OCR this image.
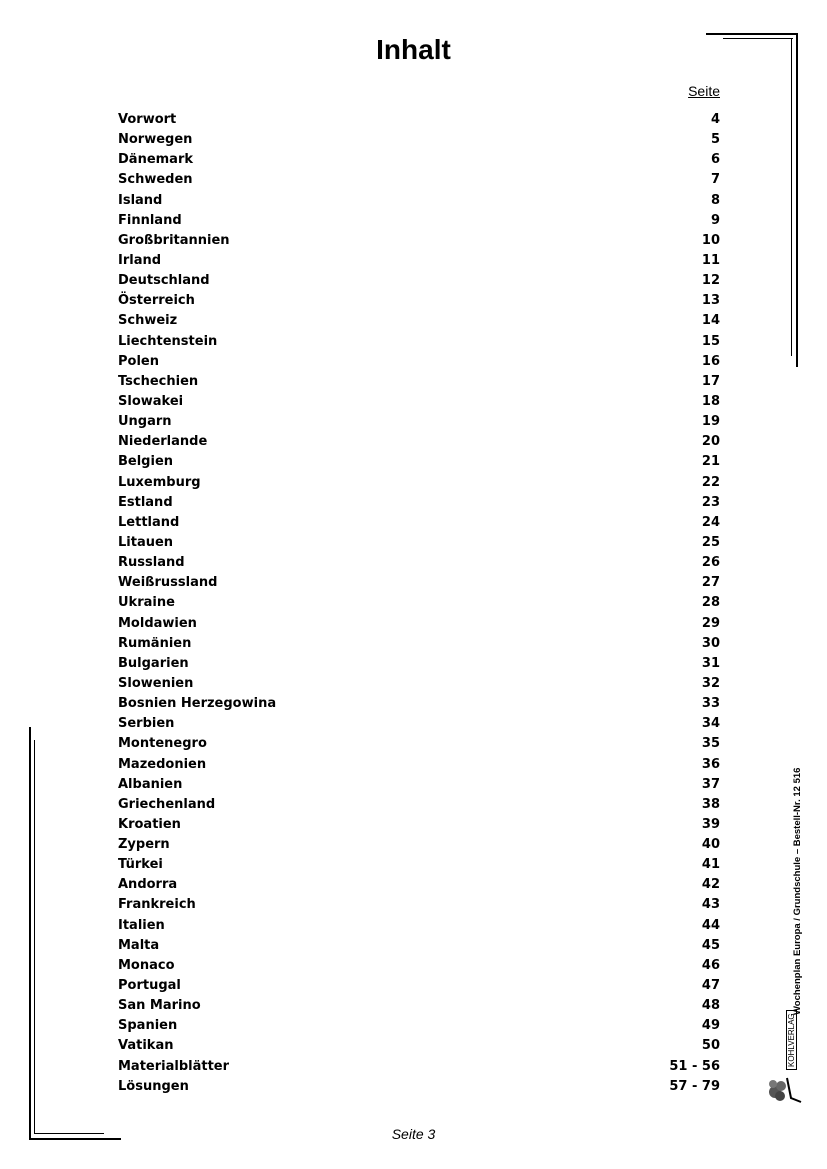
Inhalt
Seite
Vorwort	4
Norwegen	5
Dänemark	6
Schweden	7
Island	8
Finnland	9
Großbritannien	10
Irland	11
Deutschland	12
Österreich	13
Schweiz	14
Liechtenstein	15
Polen	16
Tschechien	17
Slowakei	18
Ungarn	19
Niederlande	20
Belgien	21
Luxemburg	22
Estland	23
Lettland	24
Litauen	25
Russland	26
Weißrussland	27
Ukraine	28
Moldawien	29
Rumänien	30
Bulgarien	31
Slowenien	32
Bosnien Herzegowina	33
Serbien	34
Montenegro	35
Mazedonien	36
Albanien	37
Griechenland	38
Kroatien	39
Zypern	40
Türkei	41
Andorra	42
Frankreich	43
Italien	44
Malta	45
Monaco	46
Portugal	47
San Marino	48
Spanien	49
Vatikan	50
Materialblätter	51 - 56
Lösungen	57 - 79
Seite 3
Wochenplan Europa / Grundschule – Bestell-Nr. 12 516
KOHLVERLAG
